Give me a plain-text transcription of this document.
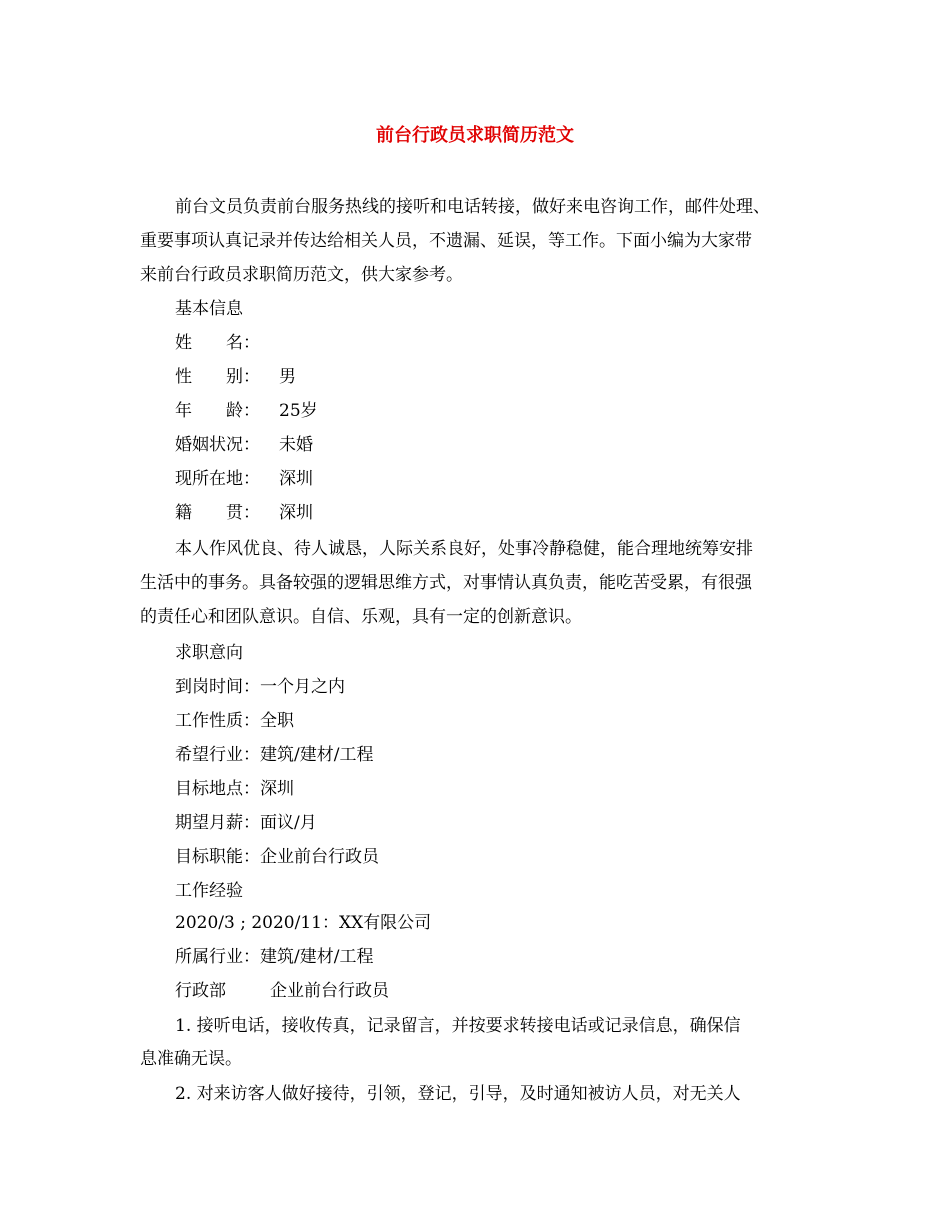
前台行政员求职简历范文
前台文员负责前台服务热线的接听和电话转接，做好来电咨询工作，邮件处理、
重要事项认真记录并传达给相关人员，不遗漏、延误，等工作。下面小编为大家带
来前台行政员求职简历范文，供大家参考。
基本信息
姓　　名：
性　　别： 男
年　　龄： 25岁
婚姻状况： 未婚
现所在地： 深圳
籍　　贯： 深圳
本人作风优良、待人诚恳，人际关系良好，处事冷静稳健，能合理地统筹安排
生活中的事务。具备较强的逻辑思维方式，对事情认真负责，能吃苦受累，有很强
的责任心和团队意识。自信、乐观，具有一定的创新意识。
求职意向
到岗时间：一个月之内
工作性质：全职
希望行业：建筑/建材/工程
目标地点：深圳
期望月薪：面议/月
目标职能：企业前台行政员
工作经验
2020/3 ; 2020/11：XX有限公司
所属行业：建筑/建材/工程
行政部	企业前台行政员
1. 接听电话，接收传真，记录留言，并按要求转接电话或记录信息，确保信
息准确无误。
2. 对来访客人做好接待，引领，登记，引导，及时通知被访人员，对无关人
